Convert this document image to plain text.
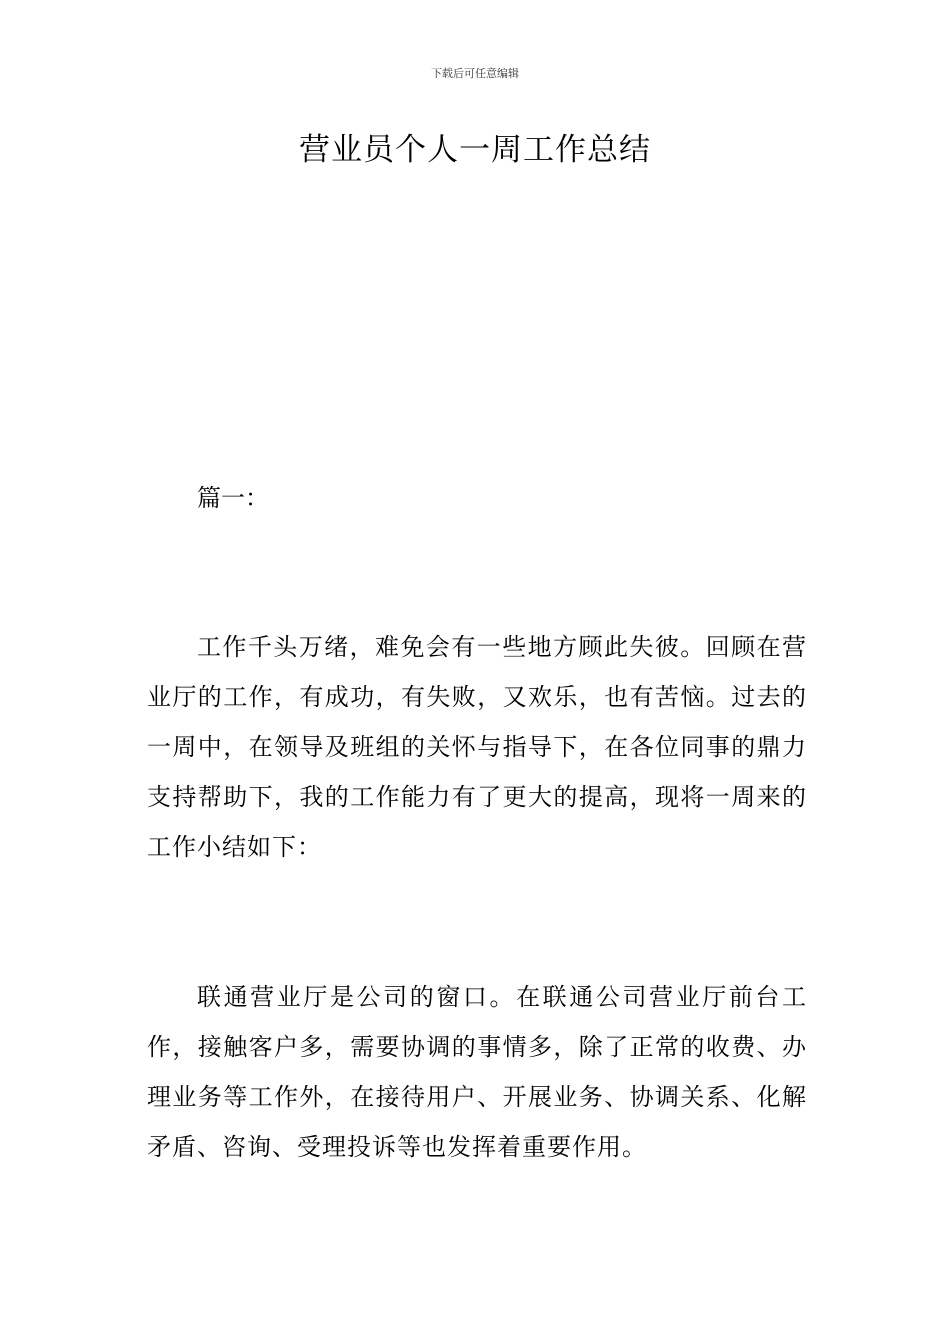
下载后可任意编辑
营业员个人一周工作总结

篇一：

工作千头万绪，难免会有一些地方顾此失彼。回顾在营业厅的工作，有成功，有失败，又欢乐，也有苦恼。过去的一周中，在领导及班组的关怀与指导下，在各位同事的鼎力支持帮助下，我的工作能力有了更大的提高，现将一周来的工作小结如下：

联通营业厅是公司的窗口。在联通公司营业厅前台工作，接触客户多，需要协调的事情多，除了正常的收费、办理业务等工作外，在接待用户、开展业务、协调关系、化解矛盾、咨询、受理投诉等也发挥着重要作用。
